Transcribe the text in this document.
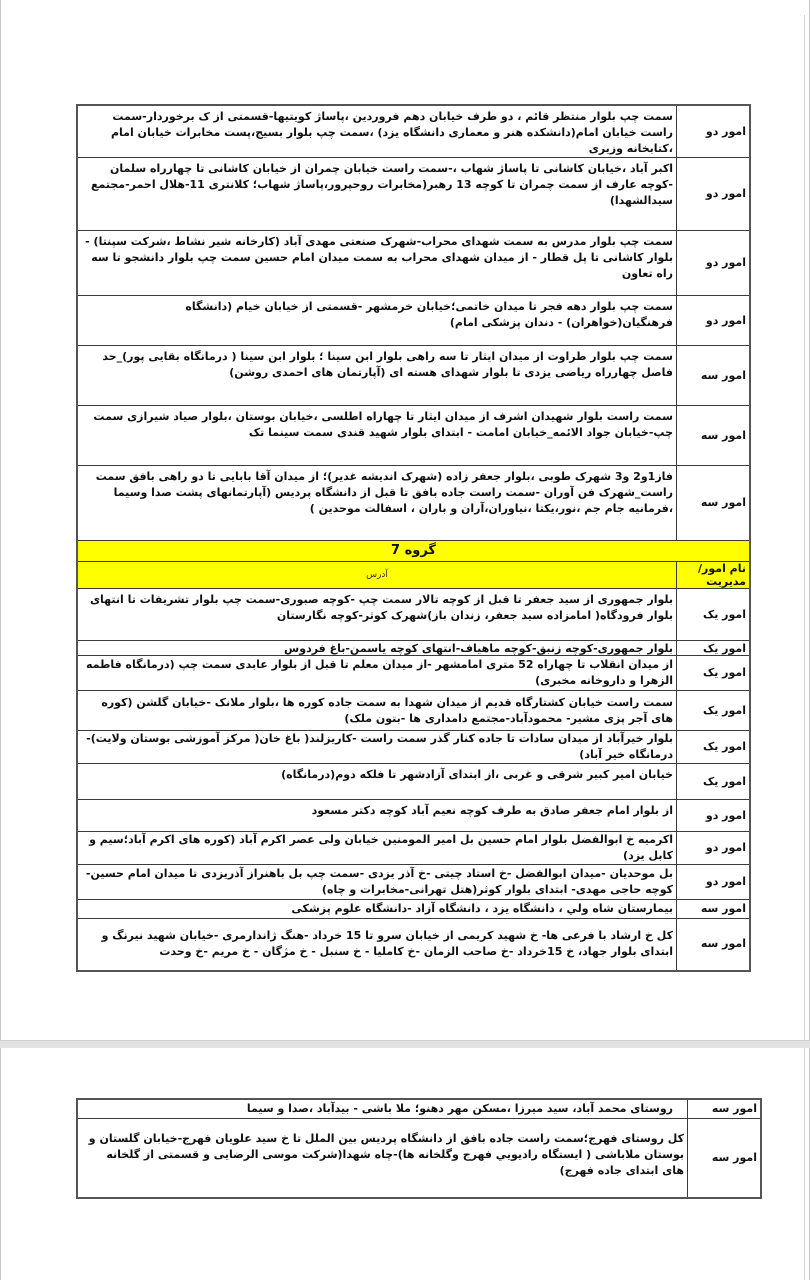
امور دو	سمت چپ بلوار منتظر قائم ، دو طرف خیابان دهم فروردین ،پاساژ کویتیها-قسمتی از ک برخوردار-سمت راست خیابان امام(دانشکده هنر و معماری دانشگاه یزد) ،سمت چپ بلوار بسیج،پست مخابرات خیابان امام ،کتابخانه وزیری
امور دو	اکبر آباد ،خیابان کاشانی تا پاساژ شهاب ،-سمت راست خیابان چمران از خیابان کاشانی تا چهارراه سلمان -کوچه عارف از سمت چمران تا کوچه 13 رهبر(مخابرات روحپرور،پاساژ شهاب؛ کلانتری 11-هلال احمر-مجتمع سیدالشهدا)
امور دو	سمت چپ بلوار مدرس به سمت شهدای محراب-شهرک صنعتی مهدی آباد (کارخانه شیر نشاط ،شرکت سپنتا) - بلوار کاشانی تا پل قطار - از میدان شهدای محراب به سمت میدان امام حسین سمت چپ بلوار دانشجو تا سه راه تعاون
امور دو	سمت چپ بلوار دهه فجر تا میدان خاتمی؛خیابان خرمشهر -قسمتی از خیابان خیام (دانشگاه فرهنگیان(خواهران) - دندان پزشکی امام)
امور سه	سمت چپ بلوار طراوت از میدان ایثار تا سه راهی بلوار ابن سینا ؛ بلوار ابن سینا ( درمانگاه بقایی پور)_حد فاصل چهارراه ریاضی یزدی تا بلوار شهدای هسته ای (آپارتمان های احمدی روشن)
امور سه	سمت راست بلوار شهیدان اشرف از میدان ایثار تا چهاراه اطلسی ،خیابان بوستان ،بلوار صیاد شیرازی سمت چپ-خیابان جواد الائمه_خیابان امامت - ابتدای بلوار شهید قندی سمت سینما تک
امور سه	فاز1و2 و3 شهرک طوبی ،بلوار جعفر زاده (شهرک اندیشه غدیر)؛ از میدان آقا بابایی تا دو راهی بافق سمت راست_شهرک فن آوران -سمت راست جاده بافق تا قبل از دانشگاه پردیس (آپارتمانهای پشت صدا وسیما ،فرمانیه جام جم ،نور،یکتا ،نیاوران،آران و باران ، اسفالت موحدین )
گروه 7	
نام امور/مدیریت	آدرس
امور یک	بلوار جمهوری از سید جعفر تا قبل از کوچه تالار سمت چپ -کوچه صبوری-سمت چپ بلوار تشریفات تا انتهای بلوار فرودگاه( امامزاده سید جعفر، زندان باز)شهرک کوثر-کوچه نگارستان
امور یک	بلوار جمهوری-کوچه زنبق-کوچه ماهیاف-انتهای کوچه یاسمن-باغ فردوس
امور یک	از میدان انقلاب تا چهاراه 52 متری امامشهر -از میدان معلم تا قبل از بلوار عابدی سمت چپ (درمانگاه فاطمه الزهرا و داروخانه مخبری)
امور یک	سمت راست خیابان کشتارگاه قدیم از میدان شهدا به سمت جاده کوره ها ،بلوار ملانک -خیابان گلشن (کوره های آجر پزی مشیر- محمودآباد-مجتمع دامداری ها -بتون ملک)
امور یک	بلوار خیرآباد از میدان سادات تا جاده کنار گذر سمت راست -کاریزلند( باغ خان( مرکز آموزشی بوستان ولایت)-درمانگاه خیر آباد)
امور یک	خیابان امیر کبیر شرقی و غربی ،از ابتدای آزادشهر تا فلکه دوم(درمانگاه)
امور دو	از بلوار امام جعفر صادق به طرف کوچه نعیم آباد کوچه دکتر مسعود
امور دو	اکرمیه خ ابوالفضل بلوار امام حسین بل امیر المومنین خیابان ولی عصر اکرم آباد (کوره های اکرم آباد؛سیم و کابل یزد)
امور دو	بل موحدیان -میدان ابوالفضل -خ استاد چیتی -خ آذر یزدی -سمت چپ بل باهنراز آذریزدی تا میدان امام حسین- کوچه حاجی مهدی- ابتدای بلوار کوثر(هتل تهرانی-مخابرات و چاه)
امور سه	بیمارستان شاه ولي ، دانشگاه یزد ، دانشگاه آزاد -دانشگاه علوم پزشکی
امور سه	کل خ ارشاد با فرعی ها- خ شهید کریمی از خیابان سرو تا 15 خرداد -هنگ ژاندارمری -خیابان شهید نیرنگ و ابتدای بلوار جهاد، خ 15خرداد -خ صاحب الزمان -خ کاملیا - خ سنبل - خ مژگان - خ مریم -خ وحدت
امور سه	روستای محمد آباد، سید میرزا ،مسکن مهر دهنو؛ ملا باشی - بیدآباد ،صدا و سیما
امور سه	کل روستای فهرج؛سمت راست جاده بافق از دانشگاه پردیس بین الملل تا خ سید علویان فهرج-خیابان گلستان و بوستان ملاباشی ( ایستگاه رادیویي فهرج وگلخانه ها)-چاه شهدا(شرکت موسی الرضایی و قسمتی از گلخانه های ابتدای جاده فهرج)
